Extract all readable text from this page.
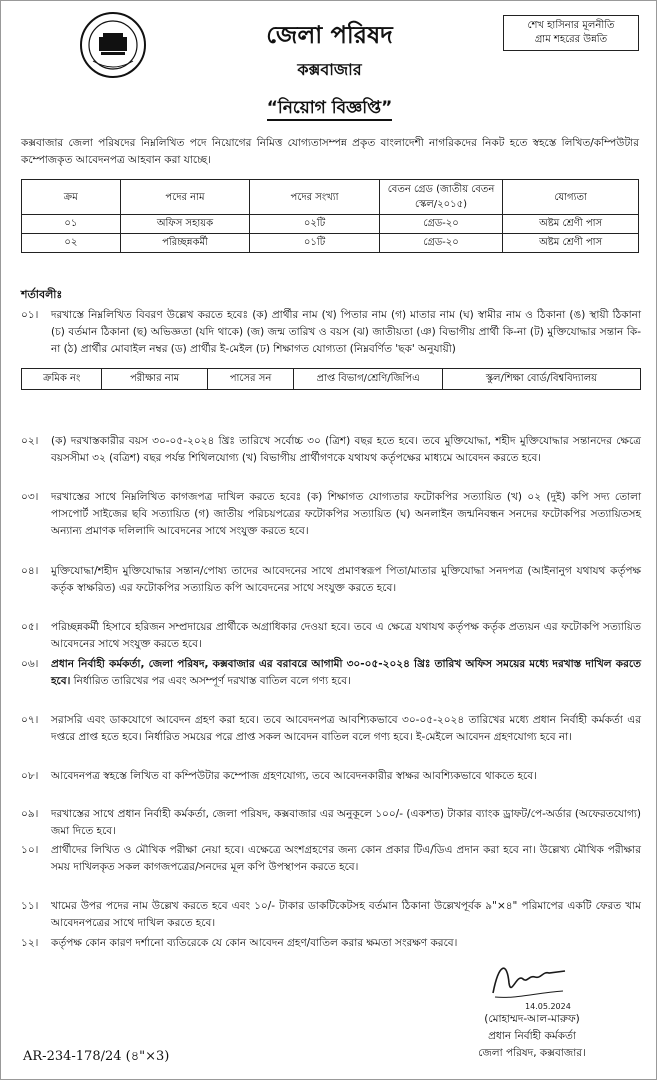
জেলা পরিষদ
কক্সবাজার
শেখ হাসিনার মূলনীতি
গ্রাম শহরের উন্নতি
“নিয়োগ বিজ্ঞপ্তি”
কক্সবাজার জেলা পরিষদের নিম্নলিখিত পদে নিয়োগের নিমিত্ত যোগ্যতাসম্পন্ন প্রকৃত বাংলাদেশী নাগরিকদের নিকট হতে স্বহস্তে লিখিত/কম্পিউটার কম্পোজকৃত আবেদনপত্র আহবান করা যাচ্ছে।
ক্রম	পদের নাম	পদের সংখ্যা	বেতন গ্রেড (জাতীয় বেতন স্কেল/২০১৫)	যোগ্যতা
০১	অফিস সহায়ক	০২টি	গ্রেড-২০	অষ্টম শ্রেণী পাস
০২	পরিচ্ছন্নকর্মী	০১টি	গ্রেড-২০	অষ্টম শ্রেণী পাস
শর্তাবলীঃ
০১।	দরখাস্তে নিম্নলিখিত বিবরণ উল্লেখ করতে হবেঃ (ক) প্রার্থীর নাম (খ) পিতার নাম (গ) মাতার নাম (ঘ) স্বামীর নাম ও ঠিকানা (ঙ) স্থায়ী ঠিকানা (চ) বর্তমান ঠিকানা (ছ) অভিজ্ঞতা (যদি থাকে) (জ) জন্ম তারিখ ও বয়স (ঝ) জাতীয়তা (ঞ) বিভাগীয় প্রার্থী কি-না (ট) মুক্তিযোদ্ধার সন্তান কি-না (ঠ) প্রার্থীর মোবাইল নম্বর (ড) প্রার্থীর ই-মেইল (ঢ) শিক্ষাগত যোগ্যতা (নিম্নবর্ণিত 'ছক' অনুযায়ী)
ক্রমিক নং	পরীক্ষার নাম	পাসের সন	প্রাপ্ত বিভাগ/শ্রেণি/জিপিএ	স্কুল/শিক্ষা বোর্ড/বিশ্ববিদ্যালয়
০২।	(ক) দরখাস্তকারীর বয়স ৩০-০৫-২০২৪ খ্রিঃ তারিখে সর্বোচ্চ ৩০ (ত্রিশ) বছর হতে হবে। তবে মুক্তিযোদ্ধা, শহীদ মুক্তিযোদ্ধার সন্তানদের ক্ষেত্রে বয়সসীমা ৩২ (বত্রিশ) বছর পর্যন্ত শিথিলযোগ্য (খ) বিভাগীয় প্রার্থীগণকে যথাযথ কর্তৃপক্ষের মাধ্যমে আবেদন করতে হবে।
০৩।	দরখাস্তের সাথে নিম্নলিখিত কাগজপত্র দাখিল করতে হবেঃ (ক) শিক্ষাগত যোগ্যতার ফটোকপির সত্যায়িত (খ) ০২ (দুই) কপি সদ্য তোলা পাসপোর্ট সাইজের ছবি সত্যায়িত (গ) জাতীয় পরিচয়পত্রের ফটোকপির সত্যায়িত (ঘ) অনলাইন জন্মনিবন্ধন সনদের ফটোকপির সত্যায়িতসহ অন্যান্য প্রমাণক দলিলাদি আবেদনের সাথে সংযুক্ত করতে হবে।
০৪।	মুক্তিযোদ্ধা/শহীদ মুক্তিযোদ্ধার সন্তান/পোষ্য তাদের আবেদনের সাথে প্রমাণস্বরূপ পিতা/মাতার মুক্তিযোদ্ধা সনদপত্র (আইনানুগ যথাযথ কর্তৃপক্ষ কর্তৃক স্বাক্ষরিত) এর ফটোকপির সত্যায়িত কপি আবেদনের সাথে সংযুক্ত করতে হবে।
০৫।	পরিচ্ছন্নকর্মী হিসাবে হরিজন সম্প্রদায়ের প্রার্থীকে অগ্রাধিকার দেওয়া হবে। তবে এ ক্ষেত্রে যথাযথ কর্তৃপক্ষ কর্তৃক প্রত্যয়ন এর ফটোকপি সত্যায়িত আবেদনের সাথে সংযুক্ত করতে হবে।
০৬।	প্রধান নির্বাহী কর্মকর্তা, জেলা পরিষদ, কক্সবাজার এর বরাবরে আগামী ৩০-০৫-২০২৪ খ্রিঃ তারিখ অফিস সময়ের মধ্যে দরখাস্ত দাখিল করতে হবে। নির্ধারিত তারিখের পর এবং অসম্পূর্ণ দরখাস্ত বাতিল বলে গণ্য হবে।
০৭।	সরাসরি এবং ডাকযোগে আবেদন গ্রহণ করা হবে। তবে আবেদনপত্র আবশ্যিকভাবে ৩০-০৫-২০২৪ তারিখের মধ্যে প্রধান নির্বাহী কর্মকর্তা এর দপ্তরে প্রাপ্ত হতে হবে। নির্ধারিত সময়ের পরে প্রাপ্ত সকল আবেদন বাতিল বলে গণ্য হবে। ই-মেইলে আবেদন গ্রহণযোগ্য হবে না।
০৮।	আবেদনপত্র স্বহস্তে লিখিত বা কম্পিউটার কম্পোজ গ্রহণযোগ্য, তবে আবেদনকারীর স্বাক্ষর আবশ্যিকভাবে থাকতে হবে।
০৯।	দরখাস্তের সাথে প্রধান নির্বাহী কর্মকর্তা, জেলা পরিষদ, কক্সবাজার এর অনুকূলে ১০০/- (একশত) টাকার ব্যাংক ড্রাফট/পে-অর্ডার (অফেরতযোগ্য) জমা দিতে হবে।
১০।	প্রার্থীদের লিখিত ও মৌখিক পরীক্ষা নেয়া হবে। এক্ষেত্রে অংশগ্রহণের জন্য কোন প্রকার টিএ/ডিএ প্রদান করা হবে না। উল্লেখ্য মৌখিক পরীক্ষার সময় দাখিলকৃত সকল কাগজপত্রের/সনদের মূল কপি উপস্থাপন করতে হবে।
১১।	খামের উপর পদের নাম উল্লেখ করতে হবে এবং ১০/- টাকার ডাকটিকেটসহ বর্তমান ঠিকানা উল্লেখপূর্বক ৯"×৪" পরিমাপের একটি ফেরত খাম আবেদনপত্রের সাথে দাখিল করতে হবে।
১২।	কর্তৃপক্ষ কোন কারণ দর্শানো ব্যতিরেকে যে কোন আবেদন গ্রহণ/বাতিল করার ক্ষমতা সংরক্ষণ করবে।
14.05.2024
(মোহাম্মদ-আল-মারুফ)
প্রধান নির্বাহী কর্মকর্তা
জেলা পরিষদ, কক্সবাজার।
AR-234-178/24 (৪"×3)
